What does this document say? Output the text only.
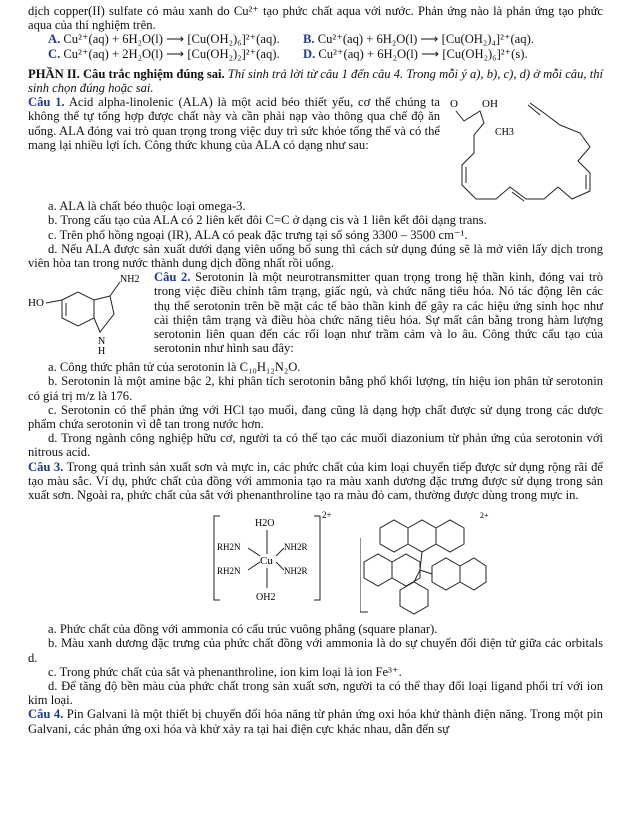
dịch copper(II) sulfate có màu xanh do Cu²⁺ tạo phức chất aqua với nước. Phản ứng nào là phản ứng tạo phức aqua của thí nghiệm trên.

A. Cu²⁺(aq) + 6H₂O(l) ⟶ [Cu(OH₂)₆]²⁺(aq).	B. Cu²⁺(aq) + 6H₂O(l) ⟶ [Cu(OH₂)₄]²⁺(aq).
C. Cu²⁺(aq) + 2H₂O(l) ⟶ [Cu(OH₂)₂]²⁺(aq).	D. Cu²⁺(aq) + 6H₂O(l) ⟶ [Cu(OH₂)₆]²⁺(s).

PHẦN II. Câu trắc nghiệm đúng sai. Thí sinh trả lời từ câu 1 đến câu 4. Trong mỗi ý a), b), c), d) ở mỗi câu, thí sinh chọn đúng hoặc sai.

Câu 1. Acid alpha-linolenic (ALA) là một acid béo thiết yếu, cơ thể chúng ta không thể tự tổng hợp được chất này và cần phải nạp vào thông qua chế độ ăn uống. ALA đóng vai trò quan trọng trong việc duy trì sức khỏe tổng thể và có thể mang lại nhiều lợi ích. Công thức khung của ALA có dạng như sau:

O OH
CH3

a. ALA là chất béo thuộc loại omega-3.

b. Trong cấu tạo của ALA có 2 liên kết đôi C=C ở dạng cis và 1 liên kết đôi dạng trans.

c. Trên phổ hồng ngoại (IR), ALA có peak đặc trưng tại số sóng 3300 – 3500 cm⁻¹.

d. Nếu ALA được sản xuất dưới dạng viên uống bổ sung thì cách sử dụng đúng sẽ là mở viên lấy dịch trong viên hòa tan trong nước thành dung dịch đồng nhất rồi uống.

HO
NH2
N
H

Câu 2. Serotonin là một neurotransmitter quan trọng trong hệ thần kinh, đóng vai trò trong việc điều chỉnh tâm trạng, giấc ngủ, và chức năng tiêu hóa. Nó tác động lên các thụ thể serotonin trên bề mặt các tế bào thần kinh để gây ra các hiệu ứng sinh học như cải thiện tâm trạng và điều hòa chức năng tiêu hóa. Sự mất cân bằng trong hàm lượng serotonin liên quan đến các rối loạn như trầm cảm và lo âu. Công thức cấu tạo của serotonin như hình sau đây:

a. Công thức phân tử của serotonin là C₁₀H₁₂N₂O.

b. Serotonin là một amine bậc 2, khi phân tích serotonin bằng phổ khối lượng, tín hiệu ion phân tử serotonin có giá trị m/z là 176.

c. Serotonin có thể phản ứng với HCl tạo muối, đang cũng là dạng hợp chất được sử dụng trong các dược phẩm chứa serotonin vì dễ tan trong nước hơn.

d. Trong ngành công nghiệp hữu cơ, người ta có thể tạo các muối diazonium từ phản ứng của serotonin với nitrous acid.

Câu 3. Trong quá trình sản xuất sơn và mực in, các phức chất của kim loại chuyển tiếp được sử dụng rộng rãi để tạo màu sắc. Ví dụ, phức chất của đồng với ammonia tạo ra màu xanh dương đặc trưng được sử dụng trong sản xuất sơn. Ngoài ra, phức chất của sắt với phenanthroline tạo ra màu đỏ cam, thường được dùng trong mực in.

2+
H2O
Cu
RH2N
RH2N
NH2R
NH2R
OH2
2+

a. Phức chất của đồng với ammonia có cấu trúc vuông phẳng (square planar).

b. Màu xanh dương đặc trưng của phức chất đồng với ammonia là do sự chuyển đổi điện tử giữa các orbitals d.

c. Trong phức chất của sắt và phenanthroline, ion kim loại là ion Fe³⁺.

d. Để tăng độ bền màu của phức chất trong sản xuất sơn, người ta có thể thay đổi loại ligand phối trí với ion kim loại.

Câu 4. Pin Galvani là một thiết bị chuyển đổi hóa năng từ phản ứng oxi hóa khử thành điện năng. Trong một pin Galvani, các phản ứng oxi hóa và khử xảy ra tại hai điện cực khác nhau, dẫn đến sự
